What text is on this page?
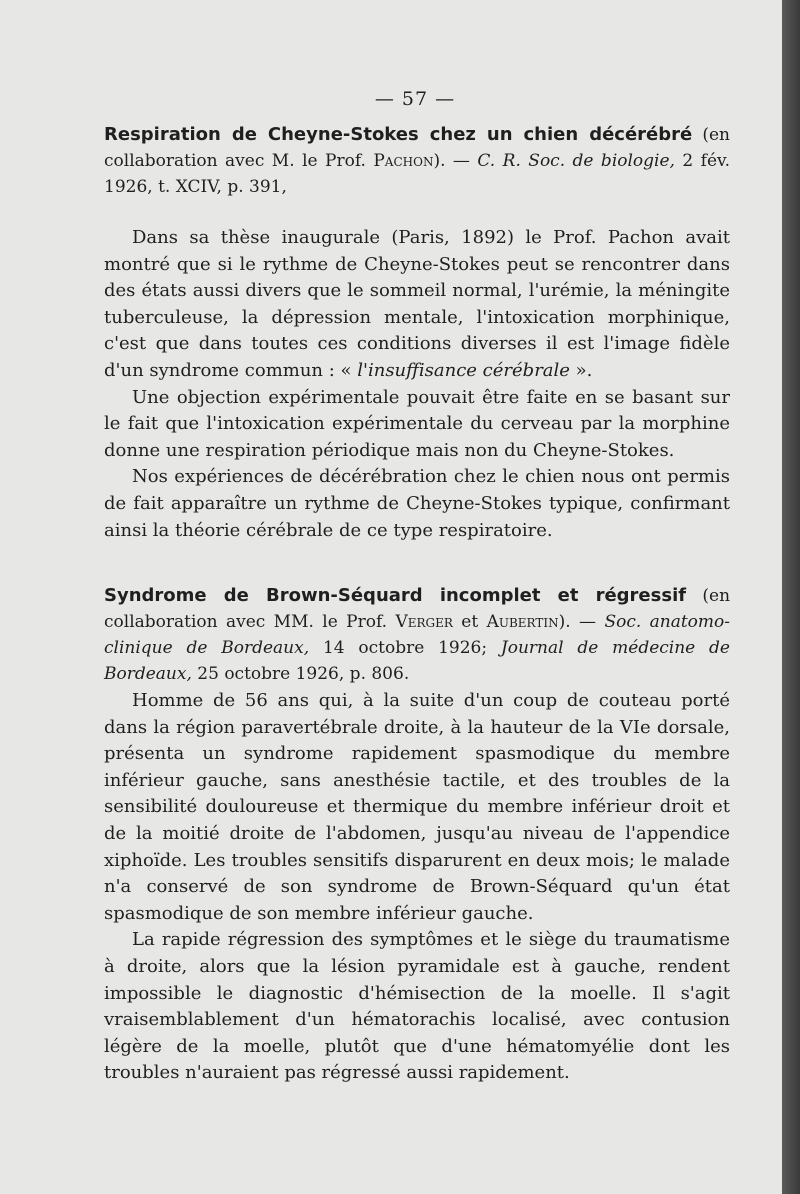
— 57 —
Respiration de Cheyne-Stokes chez un chien décérébré (en collaboration avec M. le Prof. Pachon). — C. R. Soc. de biologie, 2 fév. 1926, t. XCIV, p. 391,

Dans sa thèse inaugurale (Paris, 1892) le Prof. Pachon avait montré que si le rythme de Cheyne-Stokes peut se rencontrer dans des états aussi divers que le sommeil normal, l'urémie, la méningite tuberculeuse, la dépression mentale, l'intoxication morphinique, c'est que dans toutes ces conditions diverses il est l'image fidèle d'un syndrome commun : « l'insuffisance cérébrale ».

Une objection expérimentale pouvait être faite en se basant sur le fait que l'intoxication expérimentale du cerveau par la morphine donne une respiration périodique mais non du Cheyne-Stokes.

Nos expériences de décérébration chez le chien nous ont permis de fait apparaître un rythme de Cheyne-Stokes typique, confirmant ainsi la théorie cérébrale de ce type respiratoire.

Syndrome de Brown-Séquard incomplet et régressif (en collaboration avec MM. le Prof. Verger et Aubertin). — Soc. anatomo-clinique de Bordeaux, 14 octobre 1926; Journal de médecine de Bordeaux, 25 octobre 1926, p. 806.

Homme de 56 ans qui, à la suite d'un coup de couteau porté dans la région paravertébrale droite, à la hauteur de la VIe dorsale, présenta un syndrome rapidement spasmodique du membre inférieur gauche, sans anesthésie tactile, et des troubles de la sensibilité douloureuse et thermique du membre inférieur droit et de la moitié droite de l'abdomen, jusqu'au niveau de l'appendice xiphoïde. Les troubles sensitifs disparurent en deux mois; le malade n'a conservé de son syndrome de Brown-Séquard qu'un état spasmodique de son membre inférieur gauche.

La rapide régression des symptômes et le siège du traumatisme à droite, alors que la lésion pyramidale est à gauche, rendent impossible le diagnostic d'hémisection de la moelle. Il s'agit vraisemblablement d'un hématorachis localisé, avec contusion légère de la moelle, plutôt que d'une hématomyélie dont les troubles n'auraient pas régressé aussi rapidement.
